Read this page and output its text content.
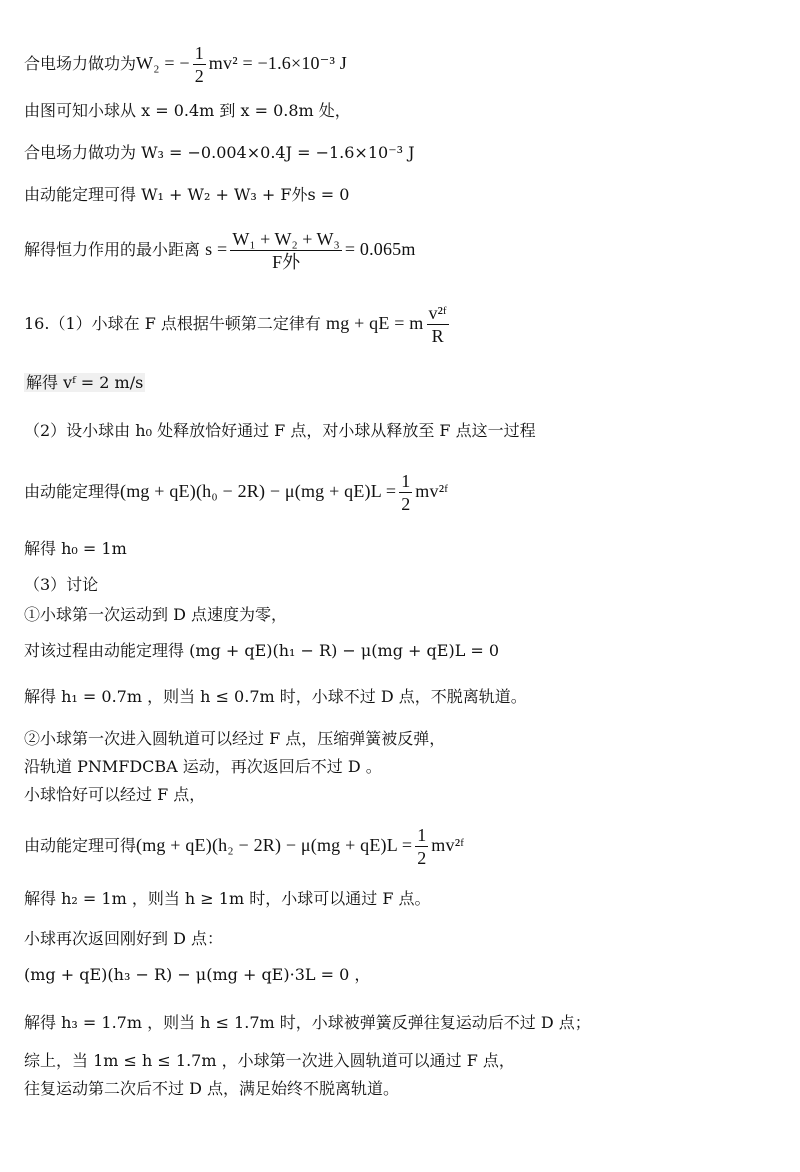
合电场力做功为W₂ = − $\frac{1}{2} mv^2 = -1.6\times 10^{-3}$ J
由图可知小球从 x = 0.4m 到 x = 0.8m 处，
合电场力做功为 W₃ = −0.004×0.4J = −1.6×10⁻³ J
由动能定理可得 W₁ + W₂ + W₃ + F外s = 0
解得恒力作用的最小距离 $s = \frac{\text{W₁ + W₂ + W₃}}{\text{F外}} = 0.065m$
16.（1）小球在 F 点根据牛顿第二定律有 mg + qE = m $\frac{\text{v²ᶠ}}{R}$
解得 vᶠ = 2 m/s
（2）设小球由 h₀ 处释放恰好通过 F 点，对小球从释放至 F 点这一过程
由动能定理得$(mg + qE)(h_0 - 2R) - \mu(mg + qE)L = \frac{1}{2}$ mv²ᶠ
解得 h₀ = 1m
（3）讨论
①小球第一次运动到 D 点速度为零，
对该过程由动能定理得 (mg + qE)(h₁ − R) − μ(mg + qE)L = 0
解得 h₁ = 0.7m ，则当 h ≤ 0.7m 时，小球不过 D 点，不脱离轨道。
②小球第一次进入圆轨道可以经过 F 点，压缩弹簧被反弹，
沿轨道 PNMFDCBA 运动，再次返回后不过 D 。
小球恰好可以经过 F 点，
由动能定理可得$(mg + qE)(h_2 - 2R) - \mu(mg + qE)L = \frac{1}{2}$ mv²ᶠ
解得 h₂ = 1m ，则当 h ≥ 1m 时，小球可以通过 F 点。
小球再次返回刚好到 D 点：
(mg + qE)(h₃ − R) − μ(mg + qE)·3L = 0 ，
解得 h₃ = 1.7m ，则当 h ≤ 1.7m 时，小球被弹簧反弹往复运动后不过 D 点；
综上，当 1m ≤ h ≤ 1.7m ，小球第一次进入圆轨道可以通过 F 点，
往复运动第二次后不过 D 点，满足始终不脱离轨道。
